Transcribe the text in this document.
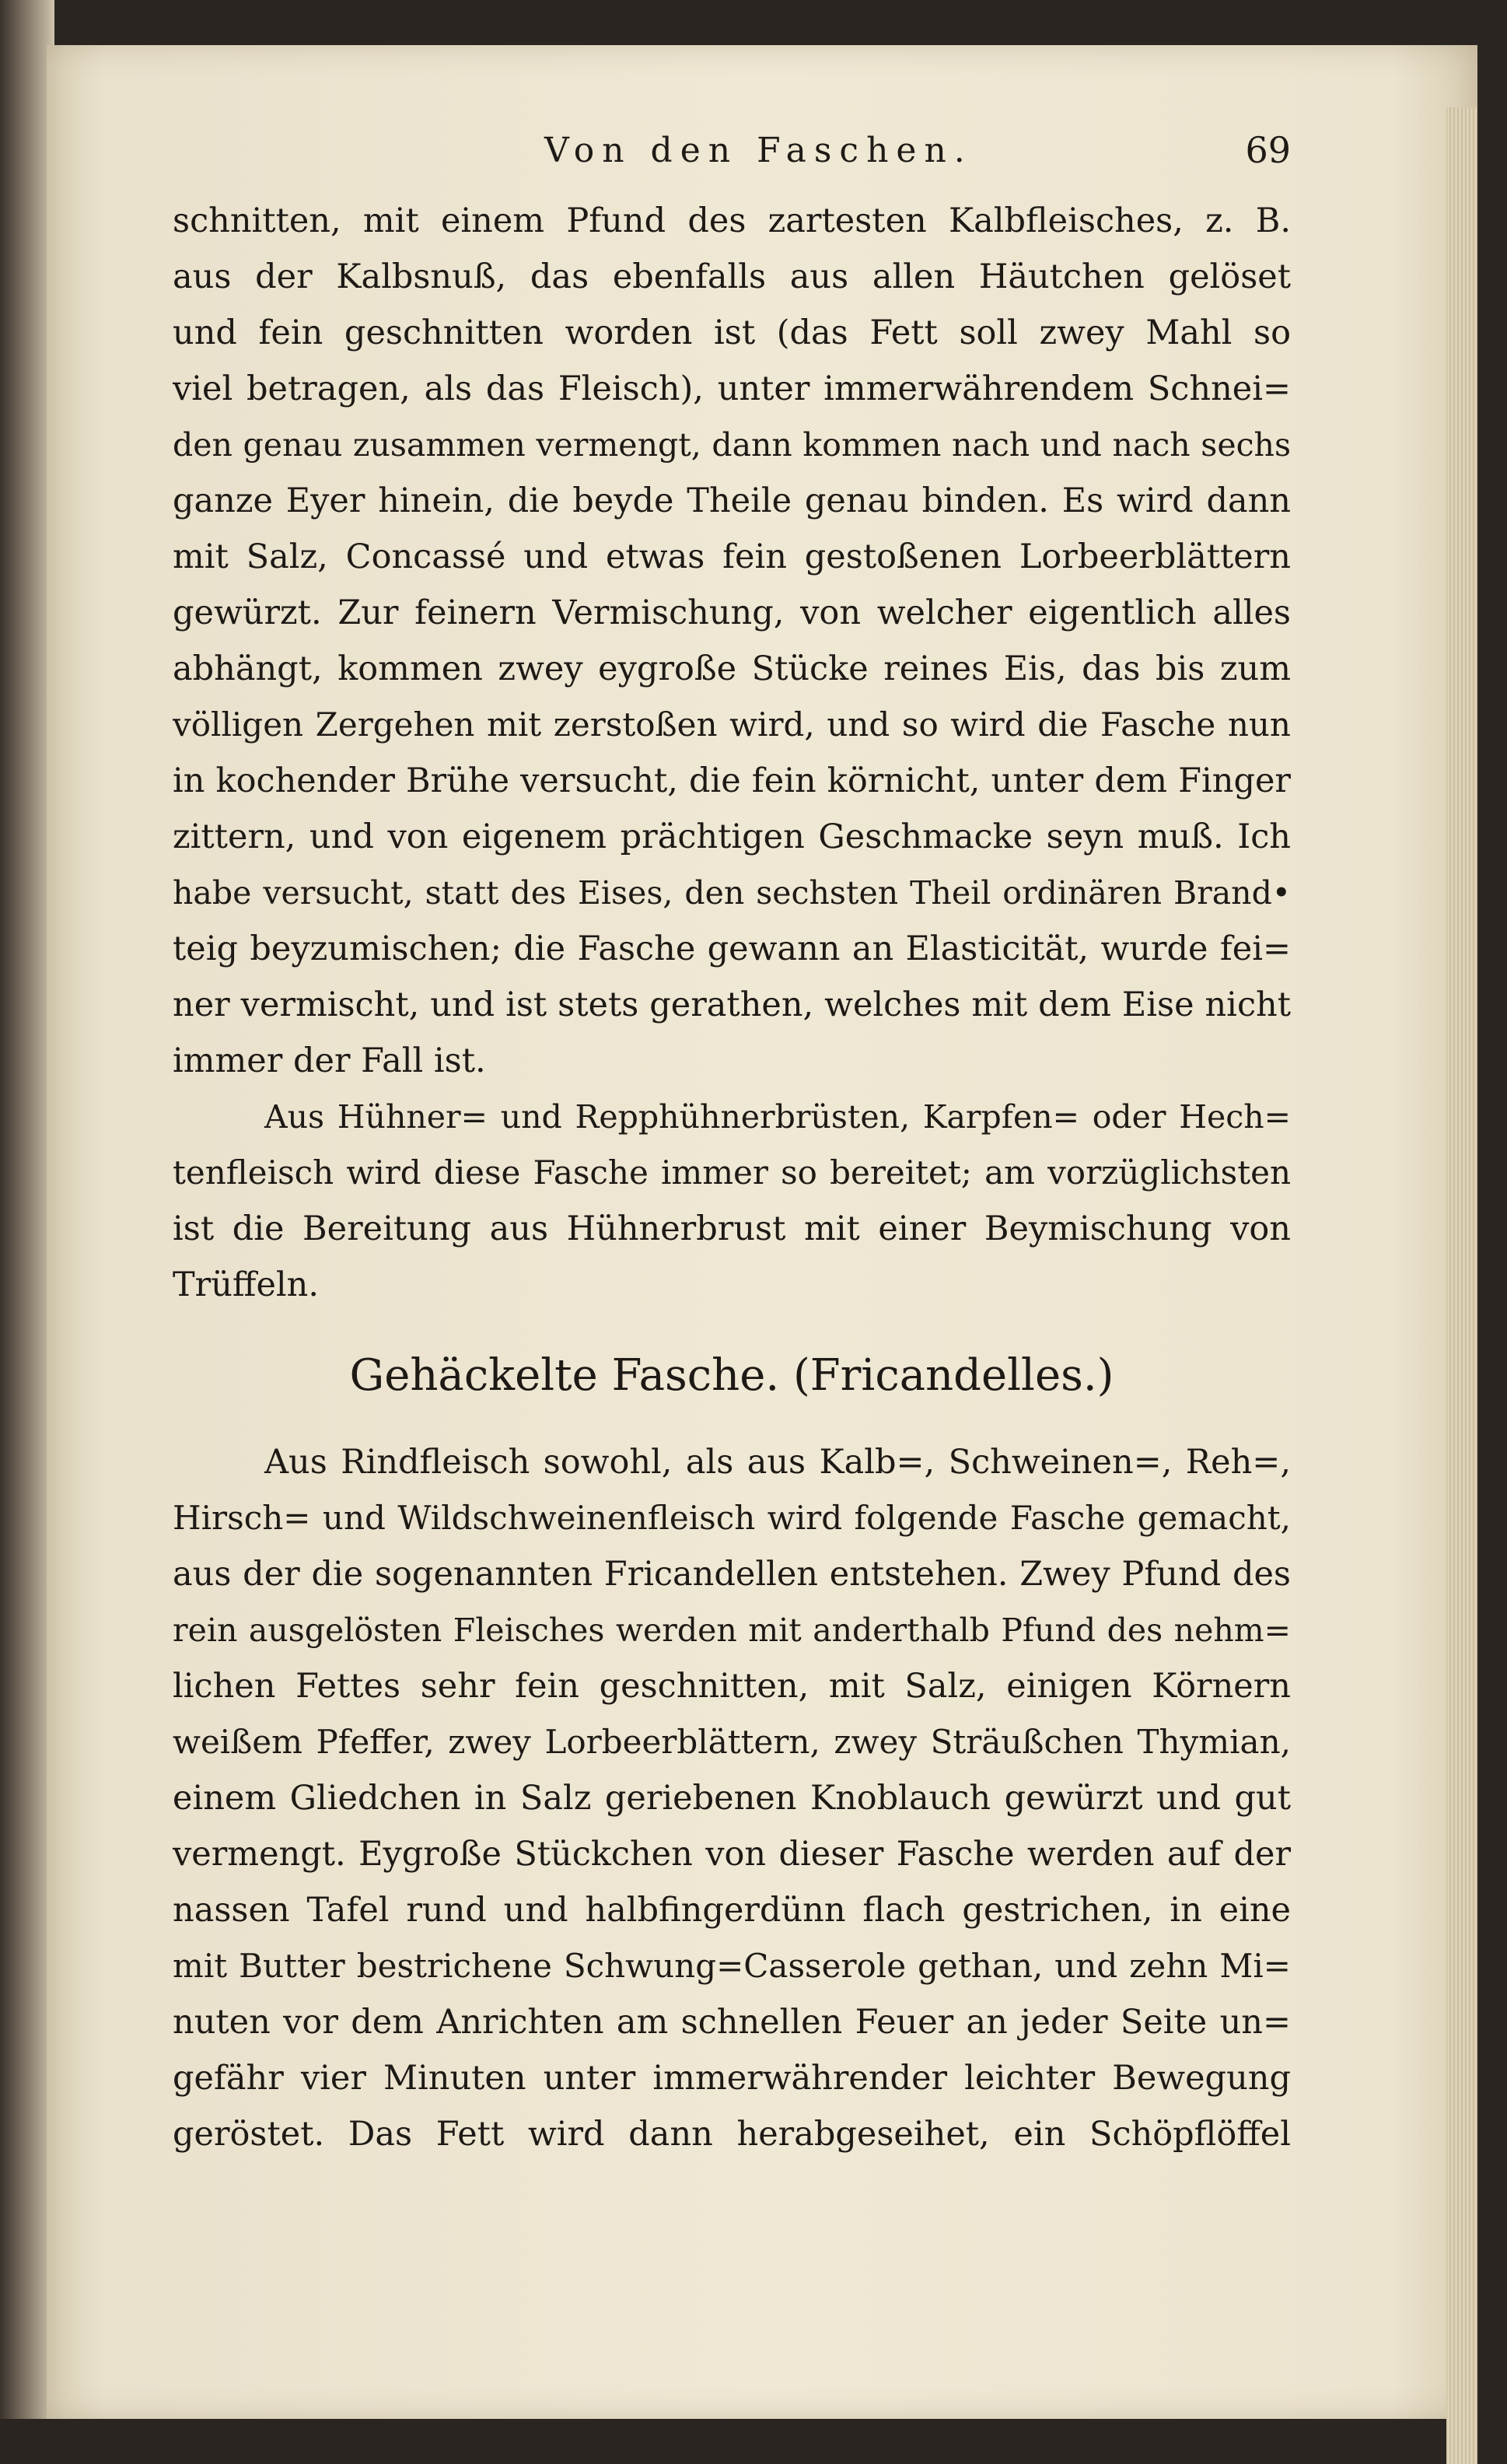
Von den Faschen.	69
schnitten, mit einem Pfund des zartesten Kalbfleisches, z. B.
aus der Kalbsnuß, das ebenfalls aus allen Häutchen gelöset
und fein geschnitten worden ist (das Fett soll zwey Mahl so
viel betragen, als das Fleisch), unter immerwährendem Schnei=
den genau zusammen vermengt, dann kommen nach und nach sechs
ganze Eyer hinein, die beyde Theile genau binden. Es wird dann
mit Salz, Concassé und etwas fein gestoßenen Lorbeerblättern
gewürzt. Zur feinern Vermischung, von welcher eigentlich alles
abhängt, kommen zwey eygroße Stücke reines Eis, das bis zum
völligen Zergehen mit zerstoßen wird, und so wird die Fasche nun
in kochender Brühe versucht, die fein körnicht, unter dem Finger
zittern, und von eigenem prächtigen Geschmacke seyn muß. Ich
habe versucht, statt des Eises, den sechsten Theil ordinären Brand•
teig beyzumischen; die Fasche gewann an Elasticität, wurde fei=
ner vermischt, und ist stets gerathen, welches mit dem Eise nicht
immer der Fall ist.
Aus Hühner= und Repphühnerbrüsten, Karpfen= oder Hech=
tenfleisch wird diese Fasche immer so bereitet; am vorzüglichsten
ist die Bereitung aus Hühnerbrust mit einer Beymischung von
Trüffeln.
Gehäckelte Fasche. (Fricandelles.)
Aus Rindfleisch sowohl, als aus Kalb=, Schweinen=, Reh=,
Hirsch= und Wildschweinenfleisch wird folgende Fasche gemacht,
aus der die sogenannten Fricandellen entstehen. Zwey Pfund des
rein ausgelösten Fleisches werden mit anderthalb Pfund des nehm=
lichen Fettes sehr fein geschnitten, mit Salz, einigen Körnern
weißem Pfeffer, zwey Lorbeerblättern, zwey Sträußchen Thymian,
einem Gliedchen in Salz geriebenen Knoblauch gewürzt und gut
vermengt. Eygroße Stückchen von dieser Fasche werden auf der
nassen Tafel rund und halbfingerdünn flach gestrichen, in eine
mit Butter bestrichene Schwung=Casserole gethan, und zehn Mi=
nuten vor dem Anrichten am schnellen Feuer an jeder Seite un=
gefähr vier Minuten unter immerwährender leichter Bewegung
geröstet. Das Fett wird dann herabgeseihet, ein Schöpflöffel
